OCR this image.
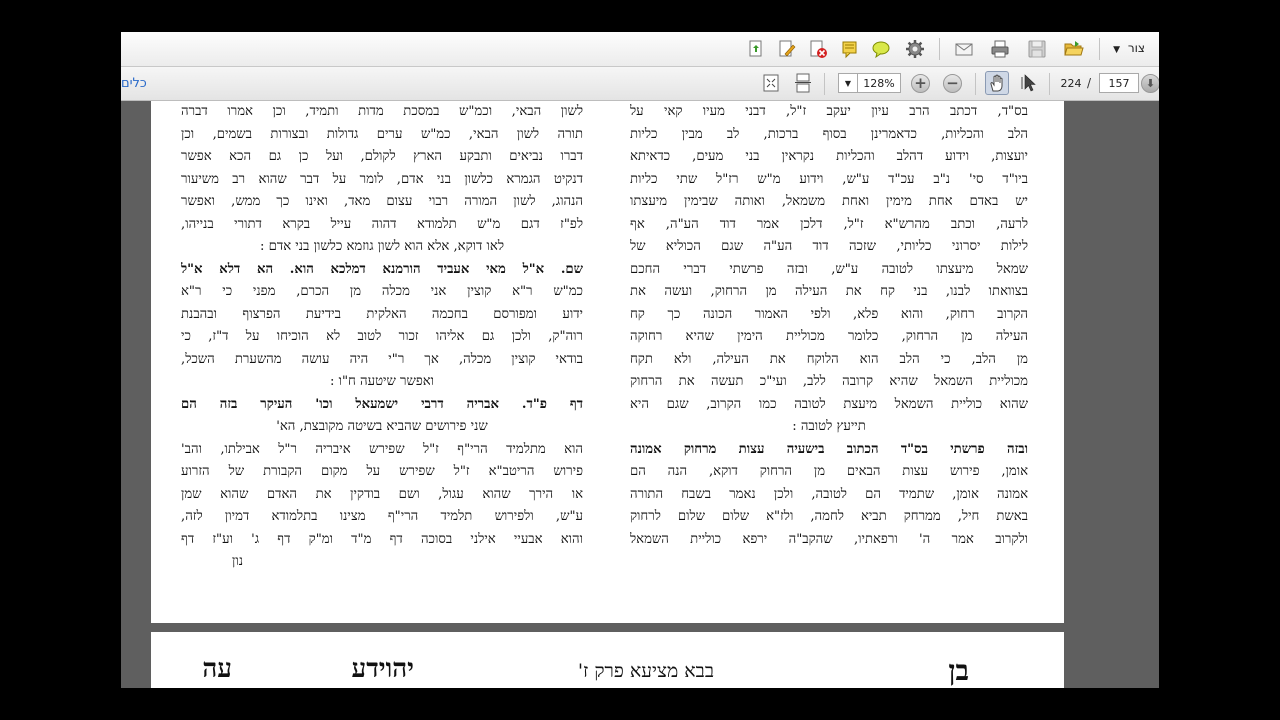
צור ▼
כלים	▼ 128% + −	224 / 157 ⬇

בס"ד, דכתב הרב עיון יעקב ז"ל, דבני מעיו קאי על

הלב והכליות, כדאמרינן בסוף ברכות, לב מבין כליות

יועצות, וידוע דהלב והכליות נקראין בני מעים, כדאיתא

ביו"ד סי' נ"ב עכ"ד ע"ש, וידוע מ"ש רז"ל שתי כליות

יש באדם אחת מימין ואחת משמאל, ואותה שבימין מיעצתו

לרעה, וכתב מהרש"א ז"ל, דלכן אמר דוד הע"ה, אף

לילות יסרוני כליותי, שזכה דוד הע"ה שגם הכוליא של

שמאל מיעצתו לטובה ע"ש, ובזה פרשתי דברי החכם

בצוואתו לבנו, בני קח את העילה מן הרחוק, ועשה את

הקרוב רחוק, והוא פלא, ולפי האמור הכונה כך קח

העילה מן הרחוק, כלומר מכוליית הימין שהיא רחוקה

מן הלב, כי הלב הוא הלוקח את העילה, ולא תקח

מכוליית השמאל שהיא קרובה ללב, ועי"כ תעשה את הרחוק

שהוא כוליית השמאל מיעצת לטובה כמו הקרוב, שגם היא

תייעץ לטובה :

ובזה פרשתי בס"ד הכתוב בישעיה עצות מרחוק אמונה

אומן, פירוש עצות הבאים מן הרחוק דוקא, הנה הם

אמונה אומן, שתמיד הם לטובה, ולכן נאמר בשבח התורה

באשת חיל, ממרחק תביא לחמה, ולז"א שלום שלום לרחוק

ולקרוב אמר ה' ורפאתיו, שהקב"ה ירפא כוליית השמאל

לשון הבאי, וכמ"ש במסכת מדות ותמיד, וכן אמרו דברה

תורה לשון הבאי, כמ"ש ערים גדולות ובצורות בשמים, וכן

דברו נביאים ותבקע הארץ לקולם, ועל כן גם הכא אפשר

דנקיט הגמרא כלשון בני אדם, לומר על דבר שהוא רב משיעור

הנהוג, לשון המורה רבוי עצום מאד, ואינו כך ממש, ואפשר

לפ"ז דגם מ"ש תלמודא דהוה עייל בקרא דתורי בנייהו,

לאו דוקא, אלא הוא לשון גוזמא כלשון בני אדם :

שם. א"ל מאי אעביד הורמנא דמלכא הוא. הא דלא א"ל

כמ"ש ר"א קוצין אני מכלה מן הכרם, מפני כי ר"א

ידוע ומפורסם בחכמה האלקית בידיעת הפרצוף ובהבנת

רוה"ק, ולכן גם אליהו זכור לטוב לא הוכיחו על ד"ז, כי

בודאי קוצין מכלה, אך ר"י היה עושה מהשערת השכל,

ואפשר שיטעה ח"ו :

דף פ"ד. אבריה דרבי ישמעאל וכו' העיקר בזה הם

שני פירושים שהביא בשיטה מקובצת, הא'

הוא מתלמיד הרי"ף ז"ל שפירש איבריה ר"ל אבילתו, והב'

פירוש הריטב"א ז"ל שפירש על מקום הקבורת של הזרוע

או הירך שהוא עגול, ושם בודקין את האדם שהוא שמן

ע"ש, ולפירוש תלמיד הרי"ף מצינו בתלמודא דמיון לזה,

והוא אבעיי אילני בסוכה דף מ"ד ומ"ק דף ג' וע"ז דף

נון

בן
בבא מציעא פרק ז'
יהוידע
עה
